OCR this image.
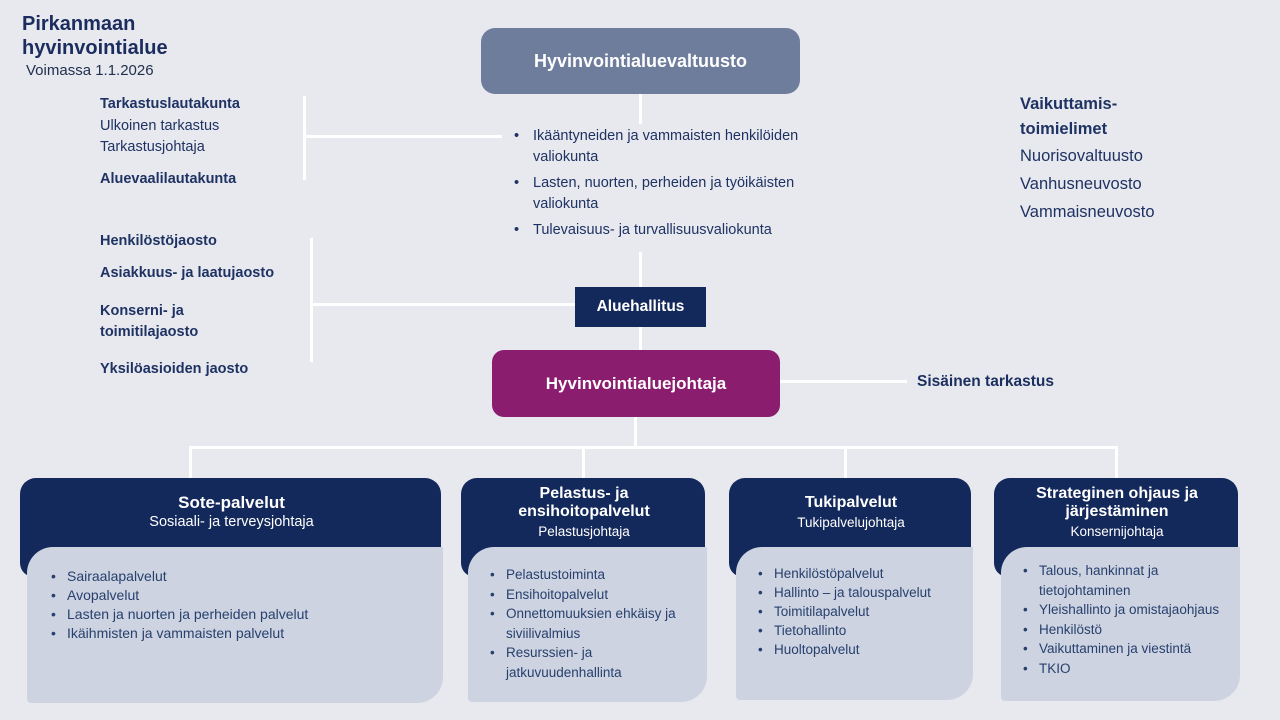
Pirkanmaan
hyvinvointialue
Voimassa 1.1.2026	Hyvinvointialuevaltuusto
Tarkastuslautakunta
Ulkoinen tarkastus
Tarkastusjohtaja
Aluevaalilautakunta
• Ikääntyneiden ja vammaisten henkilöiden valiokunta
• Lasten, nuorten, perheiden ja työikäisten valiokunta
• Tulevaisuus- ja turvallisuusvaliokunta
Vaikuttamis-toimielimet
Nuorisovaltuusto
Vanhusneuvosto
Vammaisneuvosto
Henkilöstöjaosto
Asiakkuus- ja laatujaosto
Konserni- ja toimitilajaosto
Yksilöasioiden jaosto
Aluehallitus
Hyvinvointialuejohtaja	Sisäinen tarkastus
• Sairaalapalvelut
• Avopalvelut
• Lasten ja nuorten ja perheiden palvelut
• Ikäihmisten ja vammaisten palvelut
Sote-palvelut
Sosiaali- ja terveysjohtaja
• Pelastustoiminta
• Ensihoitopalvelut
• Onnettomuuksien ehkäisy ja siviilivalmius
• Resurssien- ja jatkuvuudenhallinta
Pelastus- ja ensihoitopalvelut
Pelastusjohtaja
• Henkilöstöpalvelut
• Hallinto – ja talouspalvelut
• Toimitilapalvelut
• Tietohallinto
• Huoltopalvelut
Tukipalvelut
Tukipalvelujohtaja
• Talous, hankinnat ja tietojohtaminen
• Yleishallinto ja omistajaohjaus
• Henkilöstö
• Vaikuttaminen ja viestintä
• TKIO
Strateginen ohjaus ja järjestäminen
Konsernijohtaja
